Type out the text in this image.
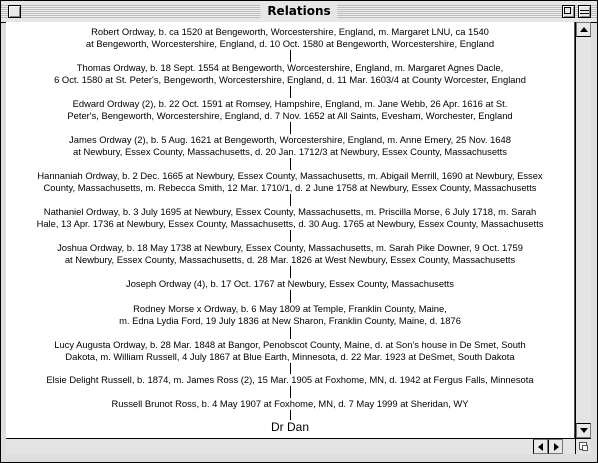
Relations
Robert Ordway, b. ca 1520 at Bengeworth, Worcestershire, England, m. Margaret LNU, ca 1540
at Bengeworth, Worcestershire, England, d. 10 Oct. 1580 at Bengeworth, Worcestershire, England
Thomas Ordway, b. 18 Sept. 1554 at Bengeworth, Worcestershire, England, m. Margaret Agnes Dacle,
6 Oct. 1580 at St. Peter's, Bengeworth, Worcestershire, England, d. 11 Mar. 1603/4 at County Worcester, England
Edward Ordway (2), b. 22 Oct. 1591 at Romsey, Hampshire, England, m. Jane Webb, 26 Apr. 1616 at St.
Peter's, Bengeworth, Worcestershire, England, d. 7 Nov. 1652 at All Saints, Evesham, Worchester, England
James Ordway (2), b. 5 Aug. 1621 at Bengeworth, Worcestershire, England, m. Anne Emery, 25 Nov. 1648
at Newbury, Essex County, Massachusetts, d. 20 Jan. 1712/3 at Newbury, Essex County, Massachusetts
Hannaniah Ordway, b. 2 Dec. 1665 at Newbury, Essex County, Massachusetts, m. Abigail Merrill, 1690 at Newbury, Essex
County, Massachusetts, m. Rebecca Smith, 12 Mar. 1710/1, d. 2 June 1758 at Newbury, Essex County, Massachusetts
Nathaniel Ordway, b. 3 July 1695 at Newbury, Essex County, Massachusetts, m. Priscilla Morse, 6 July 1718, m. Sarah
Hale, 13 Apr. 1736 at Newbury, Essex County, Massachusetts, d. 30 Aug. 1765 at Newbury, Essex County, Massachusetts
Joshua Ordway, b. 18 May 1738 at Newbury, Essex County, Massachusetts, m. Sarah Pike Downer, 9 Oct. 1759
at Newbury, Essex County, Massachusetts, d. 28 Mar. 1826 at West Newbury, Essex County, Massachusetts
Joseph Ordway (4), b. 17 Oct. 1767 at Newbury, Essex County, Massachusetts
Rodney Morse x Ordway, b. 6 May 1809 at Temple, Franklin County, Maine,
m. Edna Lydia Ford, 19 July 1836 at New Sharon, Franklin County, Maine, d. 1876
Lucy Augusta Ordway, b. 28 Mar. 1848 at Bangor, Penobscot County, Maine, d. at Son's house in De Smet, South
Dakota, m. William Russell, 4 July 1867 at Blue Earth, Minnesota, d. 22 Mar. 1923 at DeSmet, South Dakota
Elsie Delight Russell, b. 1874, m. James Ross (2), 15 Mar. 1905 at Foxhome, MN, d. 1942 at Fergus Falls, Minnesota
Russell Brunot Ross, b. 4 May 1907 at Foxhome, MN, d. 7 May 1999 at Sheridan, WY
Dr Dan
